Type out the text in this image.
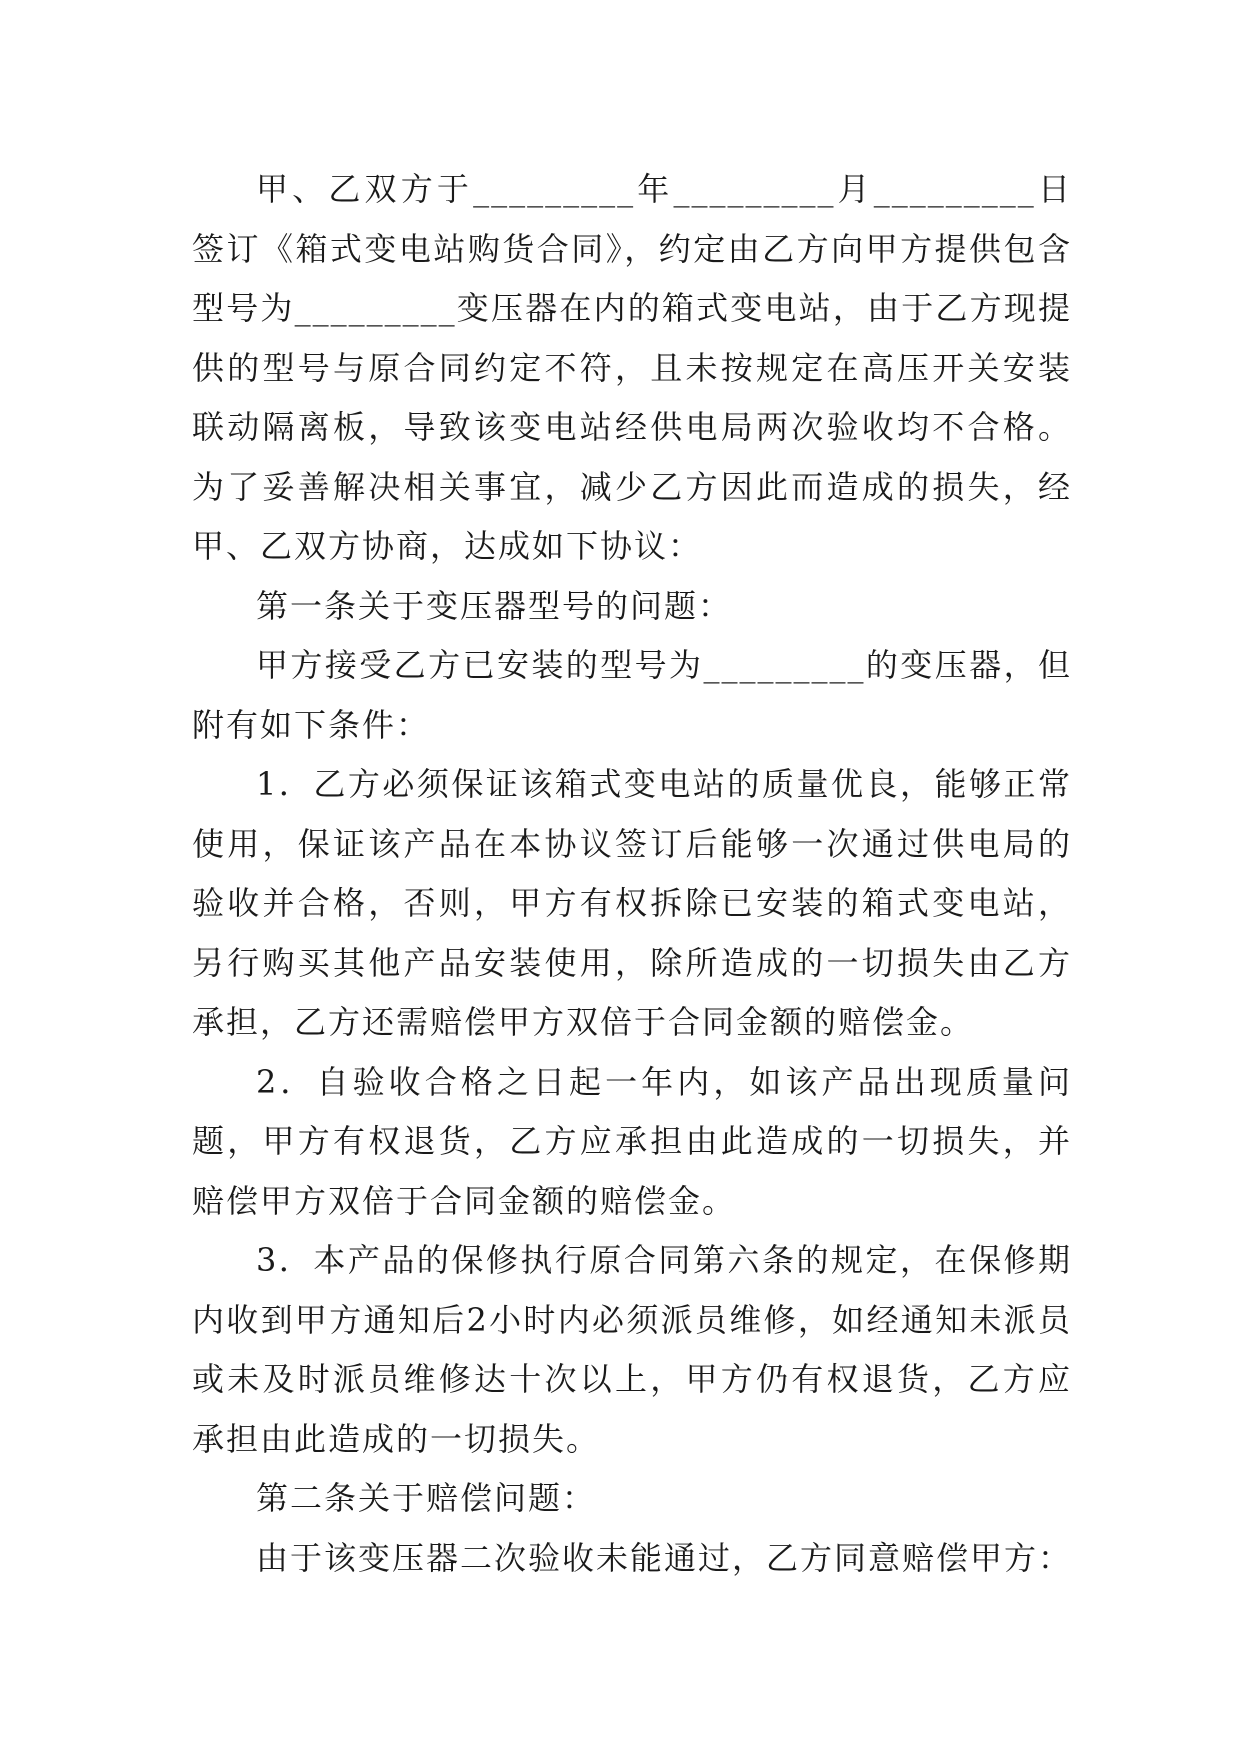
甲、乙双方于_________年_________月_________日签订《箱式变电站购货合同》，约定由乙方向甲方提供包含型号为_________变压器在内的箱式变电站，由于乙方现提供的型号与原合同约定不符，且未按规定在高压开关安装联动隔离板，导致该变电站经供电局两次验收均不合格。为了妥善解决相关事宜，减少乙方因此而造成的损失，经甲、乙双方协商，达成如下协议：

第一条关于变压器型号的问题：

甲方接受乙方已安装的型号为_________的变压器，但附有如下条件：

1．乙方必须保证该箱式变电站的质量优良，能够正常使用，保证该产品在本协议签订后能够一次通过供电局的验收并合格，否则，甲方有权拆除已安装的箱式变电站，另行购买其他产品安装使用，除所造成的一切损失由乙方承担，乙方还需赔偿甲方双倍于合同金额的赔偿金。

2．自验收合格之日起一年内，如该产品出现质量问题，甲方有权退货，乙方应承担由此造成的一切损失，并赔偿甲方双倍于合同金额的赔偿金。

3．本产品的保修执行原合同第六条的规定，在保修期内收到甲方通知后2小时内必须派员维修，如经通知未派员或未及时派员维修达十次以上，甲方仍有权退货，乙方应承担由此造成的一切损失。

第二条关于赔偿问题：

由于该变压器二次验收未能通过，乙方同意赔偿甲方：
